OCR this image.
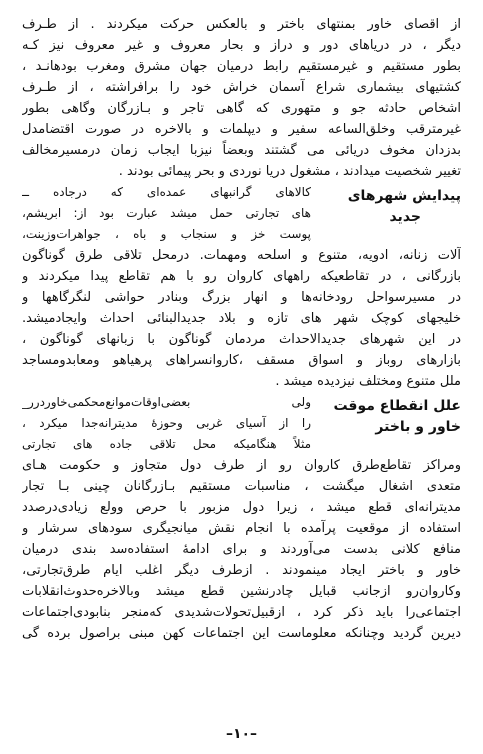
از اقصای خاور بمنتهای باختر و بالعکس حرکت میکردند . از طـرف
دیگر ، در دریاهای دور و دراز و بحار معروف و غیر معروف نیز کـه
بطور مستقیم و غیرمستقیم رابط درمیان جهان مشرق ومغرب بودهانـد ،
کشتیهای بیشماری شراع آسمان خراش خود را برافراشته ، از طـرف
اشخاص حادثه جو و متهوری که گاهی تاجر و بـازرگان وگاهی بطور
غیرمترقب وخلق‌الساعه سفیر و دیپلمات و بالاخره در صورت اقتضامدل
بدزدان مخوف دریائی می گشتند وبعضاً نیزبا ایجاب زمان درمسیرمخالف
تغییر شخصیت میدادند ، مشغول دریا نوردی و بحر پیمائی بودند .
پیدایش شهرهای
جدید
کالاهای گرانبهای عمده‌ای که درجاده ــ
های تجارتی حمل میشد عبارت بود از: ابریشم،
پوست خز و سنجاب و باه ، جواهرات‌وزینت،
آلات زنانه، ادویه، متنوع و اسلحه ومهمات. درمحل تلاقی طرق گوناگون
بازرگانی ، در تقاطعیکه راههای کاروان رو با هم تقاطع پیدا میکردند و
در مسیرسواحل رودخانه‌ها و انهار بزرگ وبنادر حواشی لنگرگاهها و
خلیجهای کوچک شهر های تازه و بلاد جدیدالبنائی احداث وایجادمیشد.
در این شهرهای جدیدالاحداث مردمان گوناگون با زبانهای گوناگون ،
بازارهای روباز و اسواق مسقف ،کاروانسراهای پرهیاهو ومعابدومساجد
ملل متنوع ومختلف نیزدیده میشد .
علل انقطاع موقت
خاور و باختر
ولی بعضی‌اوقات‌موانع‌محکمی‌خاوردرر_
را از آسیای غربی وحوزهٔ مدیترانه‌جدا میکرد ،
مثلاً هنگامیکه محل تلاقی جاده های تجارتی
ومراکز تقاطع‌طرق کاروان رو از طرف دول متجاوز و حکومت هـای
متعدی اشغال میگشت ، مناسبات مستقیم بـازرگانان چینی بـا تجار
مدیترانه‌ای قطع میشد ، زیرا دول مزبور با حرص وولع زیادی‌درصدد
استفاده از موقعیت پرآمده با انجام نقش میانجیگری سودهای سرشار و
منافع کلانی بدست می‌آوردند و برای ادامهٔ استفاده‌سد بندی درمیان
خاور و باختر ایجاد مینمودند . ازطرف دیگر اغلب ایام طرق‌تجارتی،
وکاروان‌رو ازجانب قبایل چادرنشین قطع میشد وبالاخره‌حدوث‌انقلابات
اجتماعی‌را باید ذکر کرد ، ازقبیل‌تحولات‌شدیدی که‌منجر بنابودی‌اجتماعات
دیرین گردید وچنانکه معلوماست این اجتماعات کهن مبنی براصول برده گی
–۱۰–
